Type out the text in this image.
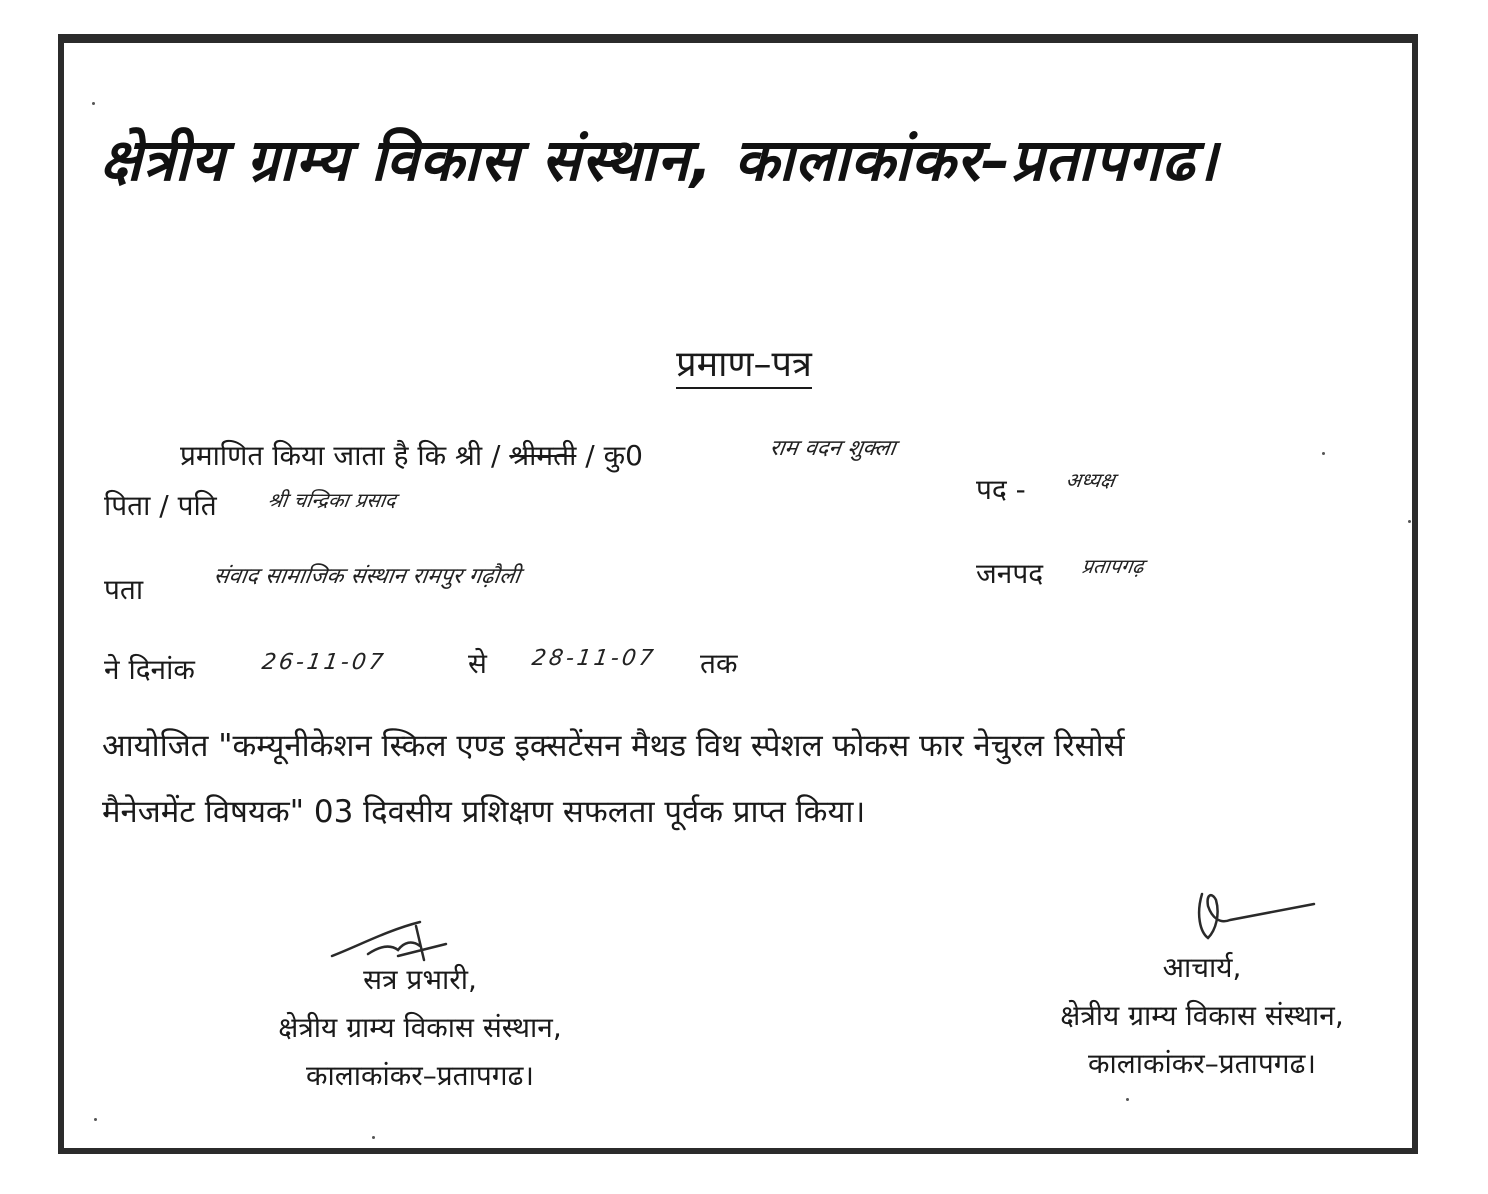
क्षेत्रीय ग्राम्य विकास संस्थान, कालाकांकर–प्रतापगढ।
प्रमाण–पत्र
प्रमाणित किया जाता है कि श्री / श्रीमती / कु0	राम वदन शुक्ला
पिता / पति श्री चन्द्रिका प्रसाद	पद - अध्यक्ष
पता	संवाद सामाजिक संस्थान रामपुर गढ़ौली	जनपद प्रतापगढ़
ने दिनांक	26-11-07	से 28-11-07 तक
आयोजित "कम्यूनीकेशन स्किल एण्ड इक्सटेंसन मैथड विथ स्पेशल फोकस फार नेचुरल रिसोर्स
मैनेजमेंट विषयक" 03 दिवसीय प्रशिक्षण सफलता पूर्वक प्राप्त किया।
सत्र प्रभारी,
क्षेत्रीय ग्राम्य विकास संस्थान,
कालाकांकर–प्रतापगढ।
आचार्य,
क्षेत्रीय ग्राम्य विकास संस्थान,
कालाकांकर–प्रतापगढ।
